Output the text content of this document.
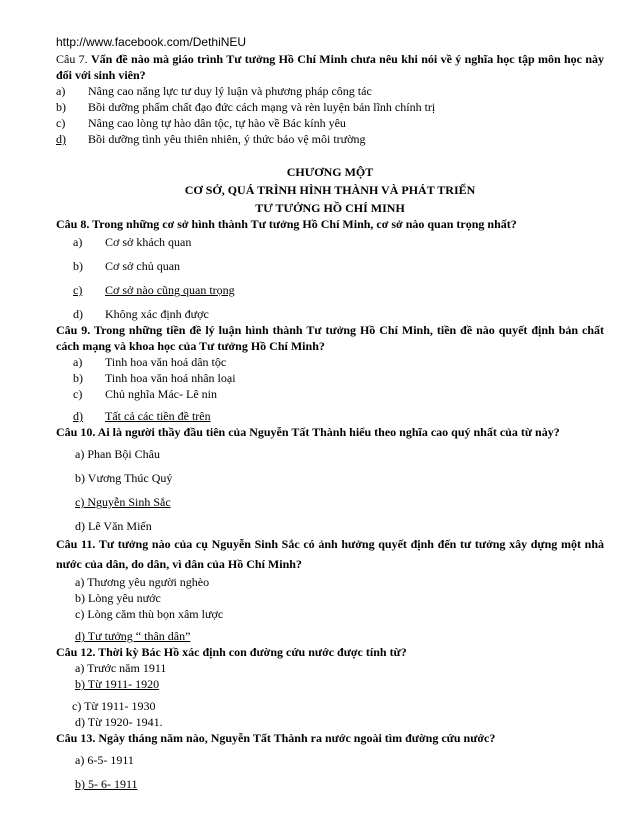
http://www.facebook.com/DethiNEU
Câu 7. Vấn đề nào mà giáo trình Tư tưởng Hồ Chí Minh chưa nêu khi nói về ý nghĩa học tập môn học này đối với sinh viên?
a)	Nâng cao năng lực tư duy lý luận và phương pháp công tác
b)	Bồi dưỡng phẩm chất đạo đức cách mạng và rèn luyện bản lĩnh chính trị
c)	Nâng cao lòng tự hào dân tộc, tự hào về Bác kính yêu
d)	Bồi dưỡng tình yêu thiên nhiên, ý thức bảo vệ môi trường
CHƯƠNG MỘT
CƠ SỞ, QUÁ TRÌNH HÌNH THÀNH VÀ PHÁT TRIỂN
TƯ TƯỞNG HỒ CHÍ MINH
Câu 8. Trong những cơ sở hình thành Tư tưởng Hồ Chí Minh, cơ sở nào quan trọng nhất?
a)	Cơ sở khách quan
b)	Cơ sở chủ quan
c)	Cơ sở nào cũng quan trọng
d)	Không xác định được
Câu 9. Trong những tiền đề lý luận hình thành Tư tưởng Hồ Chí Minh, tiền đề nào quyết định bản chất cách mạng và khoa học của Tư tưởng Hồ Chí Minh?
a)	Tinh hoa văn hoá dân tộc
b)	Tinh hoa văn hoá nhân loại
c)	Chủ nghĩa Mác- Lê nin
d)	Tất cả các tiền đề trên
Câu 10. Ai là người thầy đầu tiên của Nguyễn Tất Thành hiểu theo nghĩa cao quý nhất của từ này?
a) Phan Bội Châu
b) Vương Thúc Quý
c) Nguyễn Sinh Sắc
d) Lê Văn Miến
Câu 11. Tư tưởng nào của cụ Nguyễn Sinh Sắc có ảnh hưởng quyết định đến tư tưởng xây dựng một nhà nước của dân, do dân, vì dân của Hồ Chí Minh?
a) Thương yêu người nghèo
b) Lòng yêu nước
c) Lòng căm thù bọn xâm lược
d) Tư tưởng “ thân dân”
Câu 12. Thời kỳ Bác Hồ xác định con đường cứu nước được tính từ?
a) Trước năm 1911
b) Từ 1911- 1920
c) Từ 1911- 1930
d) Từ 1920- 1941.
Câu 13. Ngày tháng năm nào, Nguyễn Tất Thành ra nước ngoài tìm đường cứu nước?
a) 6-5- 1911
b) 5- 6- 1911
